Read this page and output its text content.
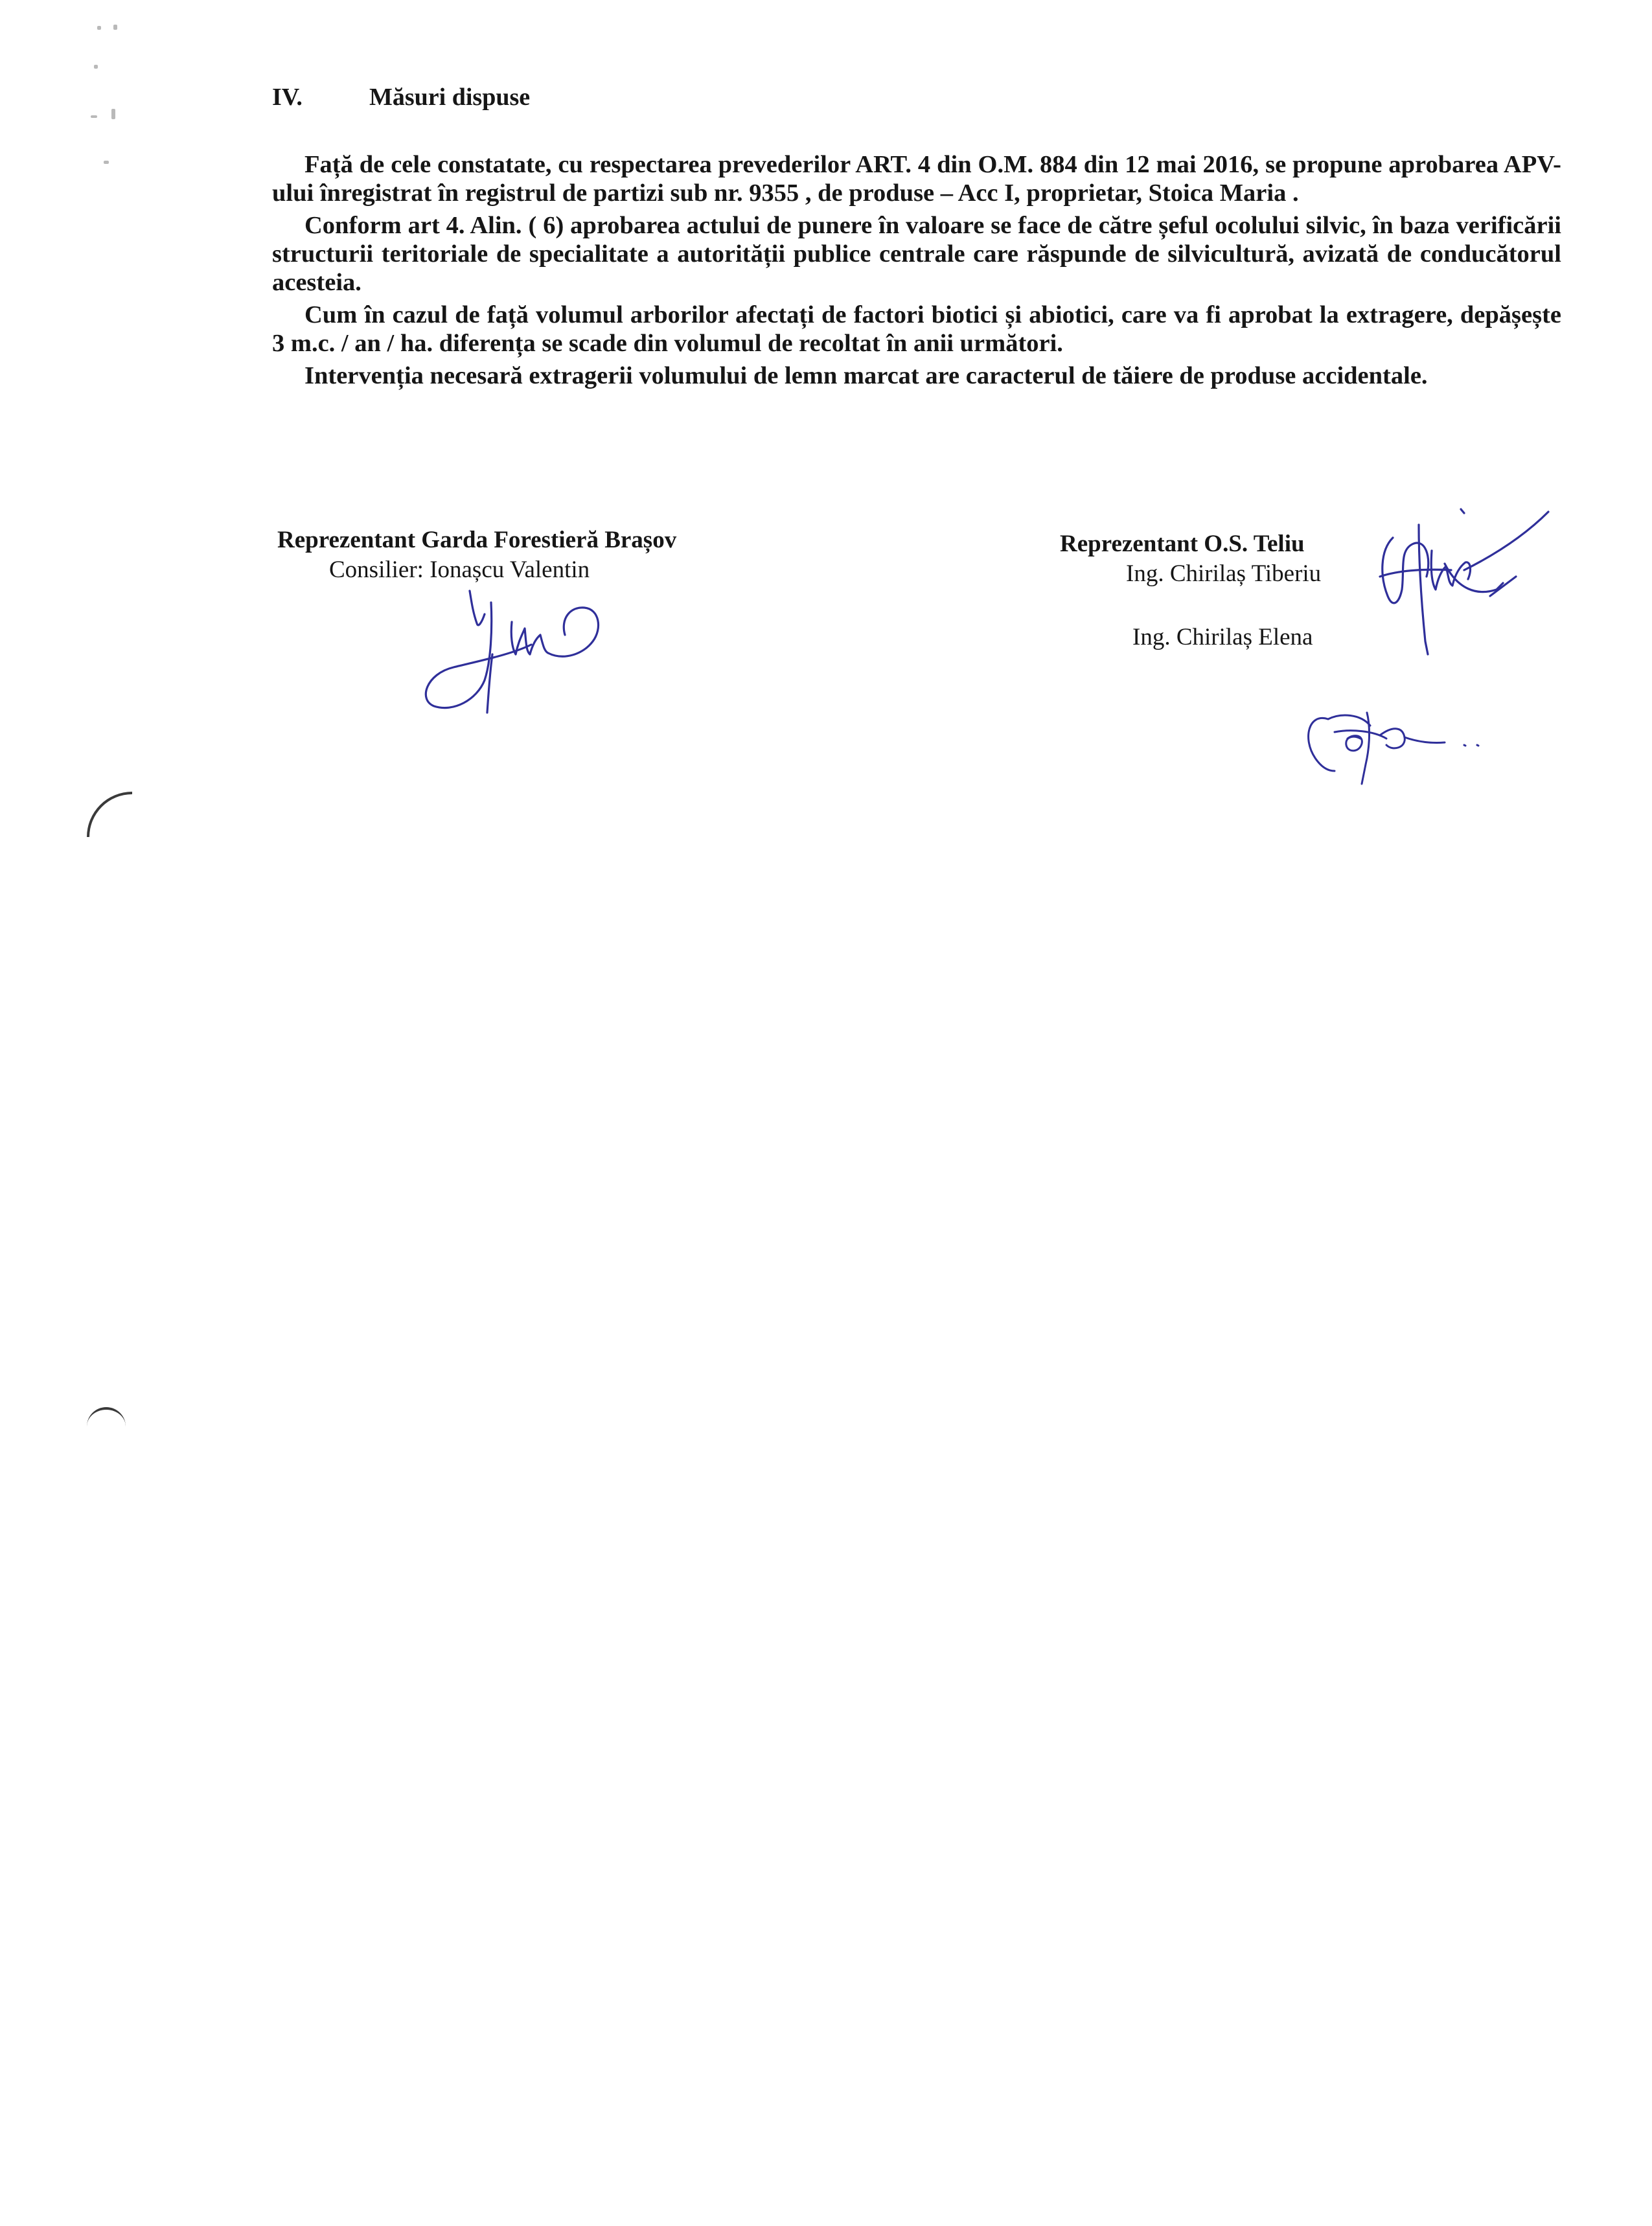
IV.	Măsuri dispuse

Față de cele constatate, cu respectarea prevederilor ART. 4 din O.M. 884 din 12 mai 2016, se propune aprobarea APV-ului înregistrat în registrul de partizi sub nr. 9355 , de produse – Acc I, proprietar, Stoica Maria .

Conform art 4. Alin. ( 6) aprobarea actului de punere în valoare se face de către șeful ocolului silvic, în baza verificării structurii teritoriale de specialitate a autorității publice centrale care răspunde de silvicultură, avizată de conducătorul acesteia.

Cum în cazul de față volumul arborilor afectați de factori biotici și abiotici, care va fi aprobat la extragere, depășește 3 m.c. / an / ha. diferența se scade din volumul de recoltat în anii următori.

Intervenția necesară extragerii volumului de lemn marcat are caracterul de tăiere de produse accidentale.

Reprezentant Garda Forestieră Brașov
Consilier: Ionașcu Valentin
Reprezentant O.S. Teliu
Ing. Chirilaș Tiberiu
Ing. Chirilaș Elena
